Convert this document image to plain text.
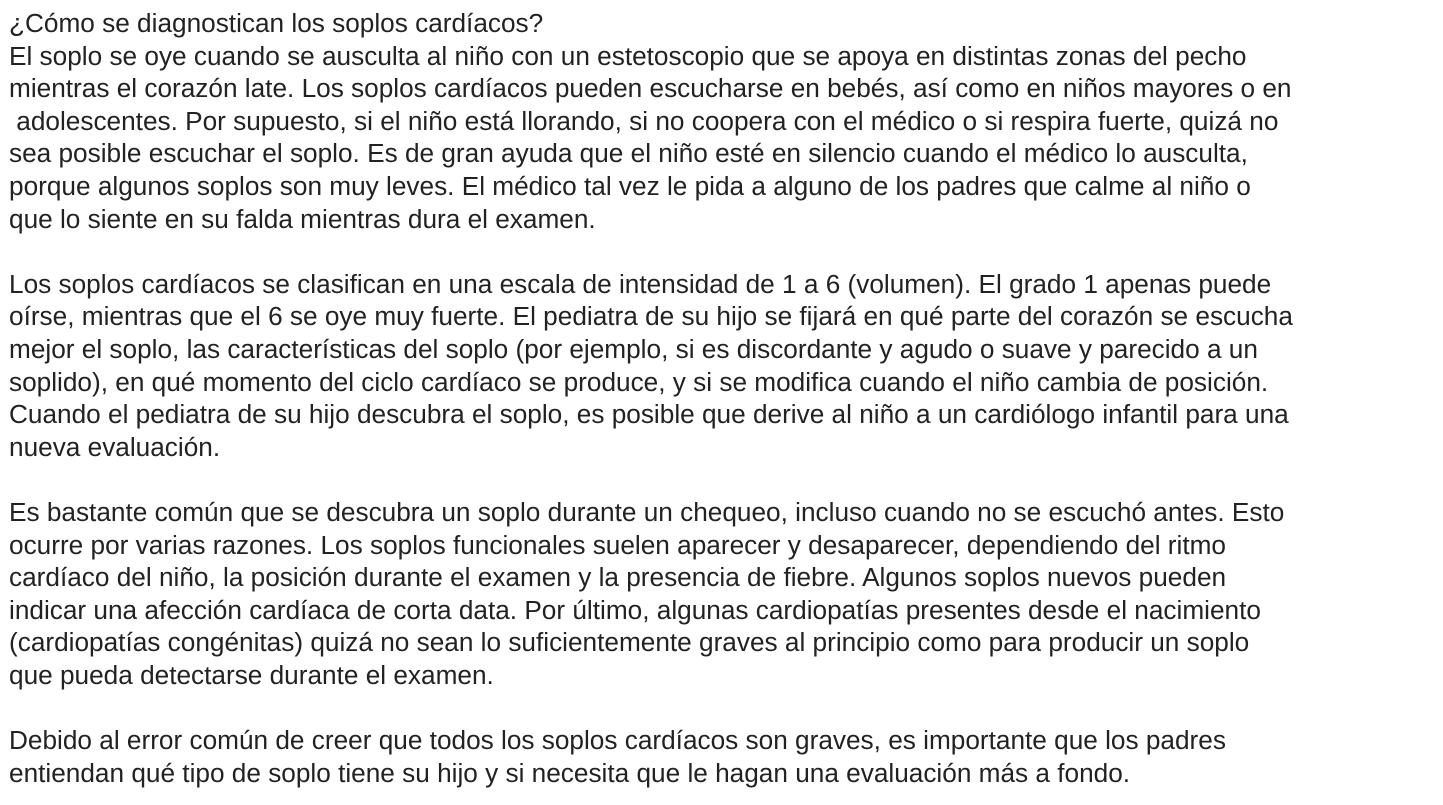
¿Cómo se diagnostican los soplos cardíacos?
El soplo se oye cuando se ausculta al niño con un estetoscopio que se apoya en distintas zonas del pecho
mientras el corazón late. Los soplos cardíacos pueden escucharse en bebés, así como en niños mayores o en
adolescentes. Por supuesto, si el niño está llorando, si no coopera con el médico o si respira fuerte, quizá no
sea posible escuchar el soplo. Es de gran ayuda que el niño esté en silencio cuando el médico lo ausculta,
porque algunos soplos son muy leves. El médico tal vez le pida a alguno de los padres que calme al niño o
que lo siente en su falda mientras dura el examen.
Los soplos cardíacos se clasifican en una escala de intensidad de 1 a 6 (volumen). El grado 1 apenas puede
oírse, mientras que el 6 se oye muy fuerte. El pediatra de su hijo se fijará en qué parte del corazón se escucha
mejor el soplo, las características del soplo (por ejemplo, si es discordante y agudo o suave y parecido a un
soplido), en qué momento del ciclo cardíaco se produce, y si se modifica cuando el niño cambia de posición.
Cuando el pediatra de su hijo descubra el soplo, es posible que derive al niño a un cardiólogo infantil para una
nueva evaluación.
Es bastante común que se descubra un soplo durante un chequeo, incluso cuando no se escuchó antes. Esto
ocurre por varias razones. Los soplos funcionales suelen aparecer y desaparecer, dependiendo del ritmo
cardíaco del niño, la posición durante el examen y la presencia de fiebre. Algunos soplos nuevos pueden
indicar una afección cardíaca de corta data. Por último, algunas cardiopatías presentes desde el nacimiento
(cardiopatías congénitas) quizá no sean lo suficientemente graves al principio como para producir un soplo
que pueda detectarse durante el examen.
Debido al error común de creer que todos los soplos cardíacos son graves, es importante que los padres
entiendan qué tipo de soplo tiene su hijo y si necesita que le hagan una evaluación más a fondo.
